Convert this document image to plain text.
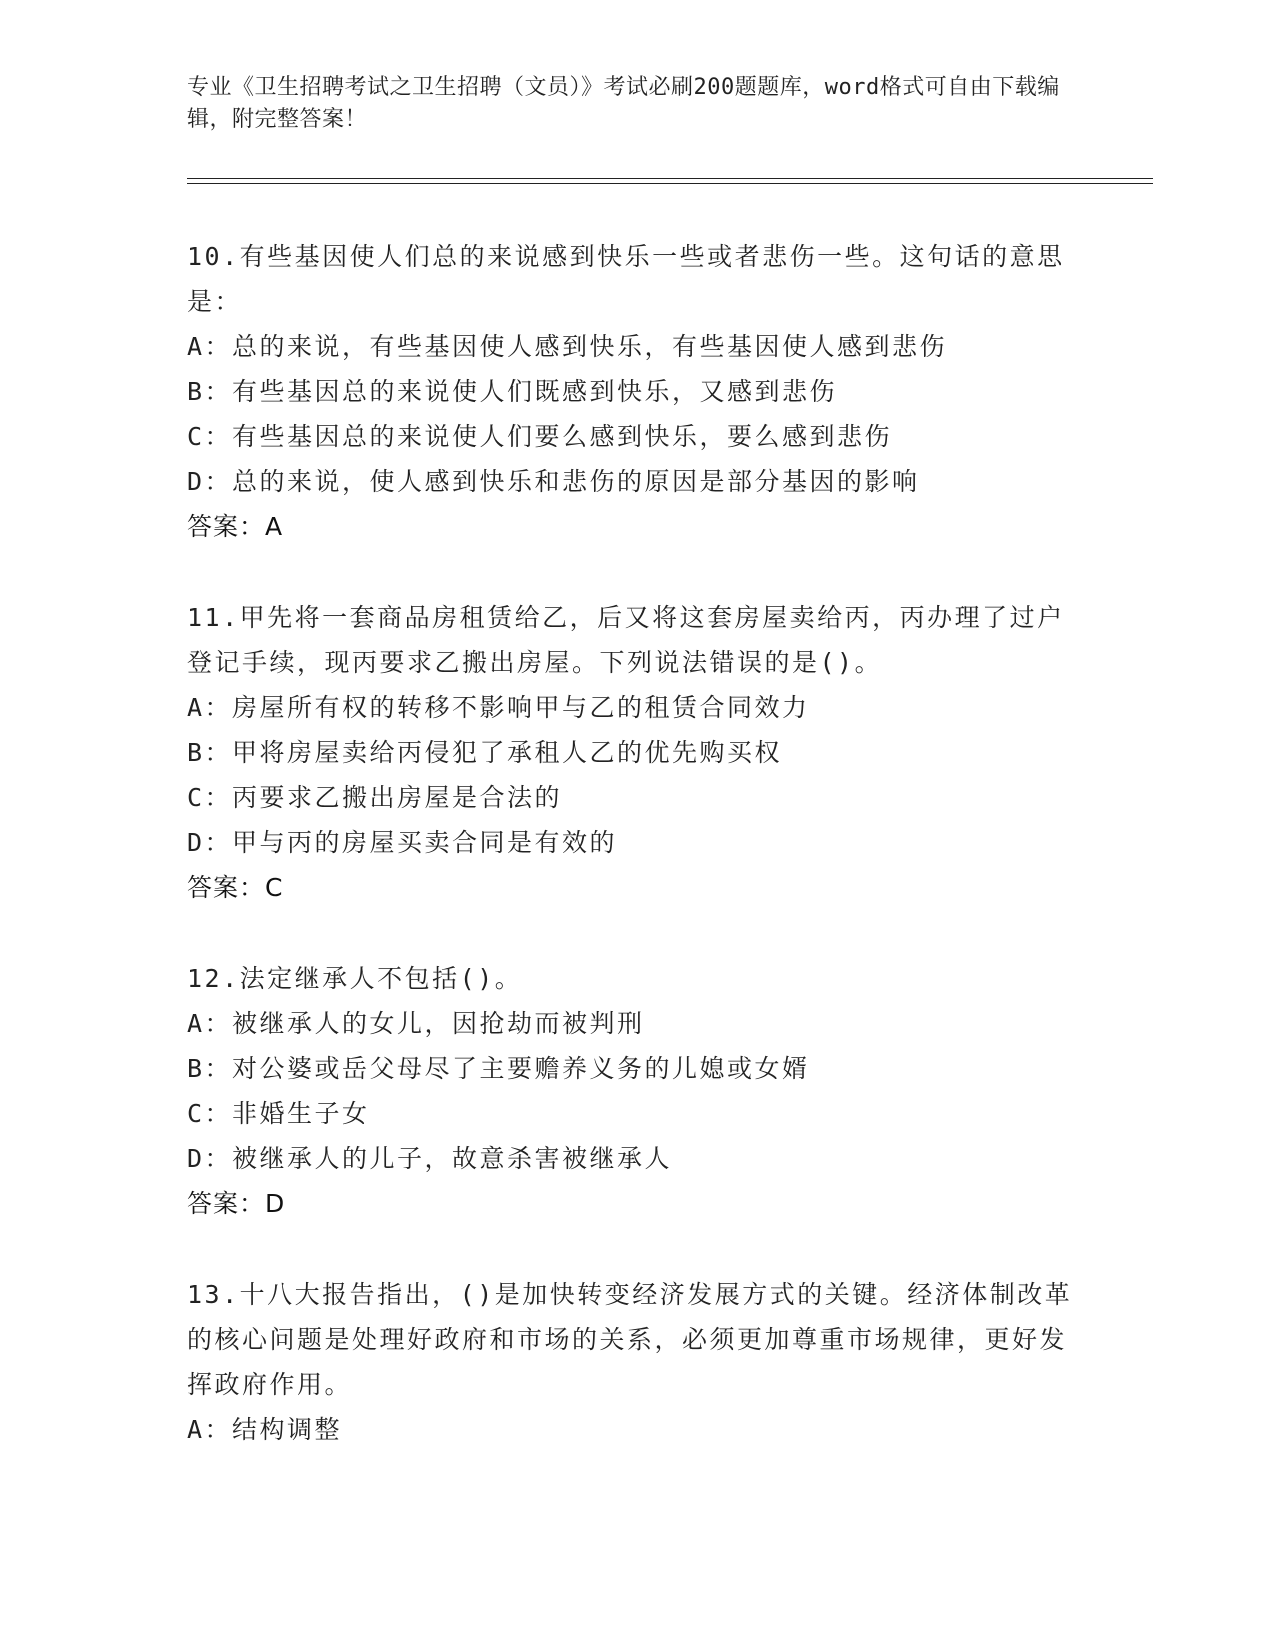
专业《卫生招聘考试之卫生招聘（文员）》考试必刷200题题库，word格式可自由下载编辑，附完整答案！

10.有些基因使人们总的来说感到快乐一些或者悲伤一些。这句话的意思是：

A：总的来说，有些基因使人感到快乐，有些基因使人感到悲伤

B：有些基因总的来说使人们既感到快乐，又感到悲伤

C：有些基因总的来说使人们要么感到快乐，要么感到悲伤

D：总的来说，使人感到快乐和悲伤的原因是部分基因的影响

答案：A

11.甲先将一套商品房租赁给乙，后又将这套房屋卖给丙，丙办理了过户登记手续，现丙要求乙搬出房屋。下列说法错误的是()。

A：房屋所有权的转移不影响甲与乙的租赁合同效力

B：甲将房屋卖给丙侵犯了承租人乙的优先购买权

C：丙要求乙搬出房屋是合法的

D：甲与丙的房屋买卖合同是有效的

答案：C

12.法定继承人不包括()。

A：被继承人的女儿，因抢劫而被判刑

B：对公婆或岳父母尽了主要赡养义务的儿媳或女婿

C：非婚生子女

D：被继承人的儿子，故意杀害被继承人

答案：D

13.十八大报告指出，()是加快转变经济发展方式的关键。经济体制改革的核心问题是处理好政府和市场的关系，必须更加尊重市场规律，更好发挥政府作用。

A：结构调整
